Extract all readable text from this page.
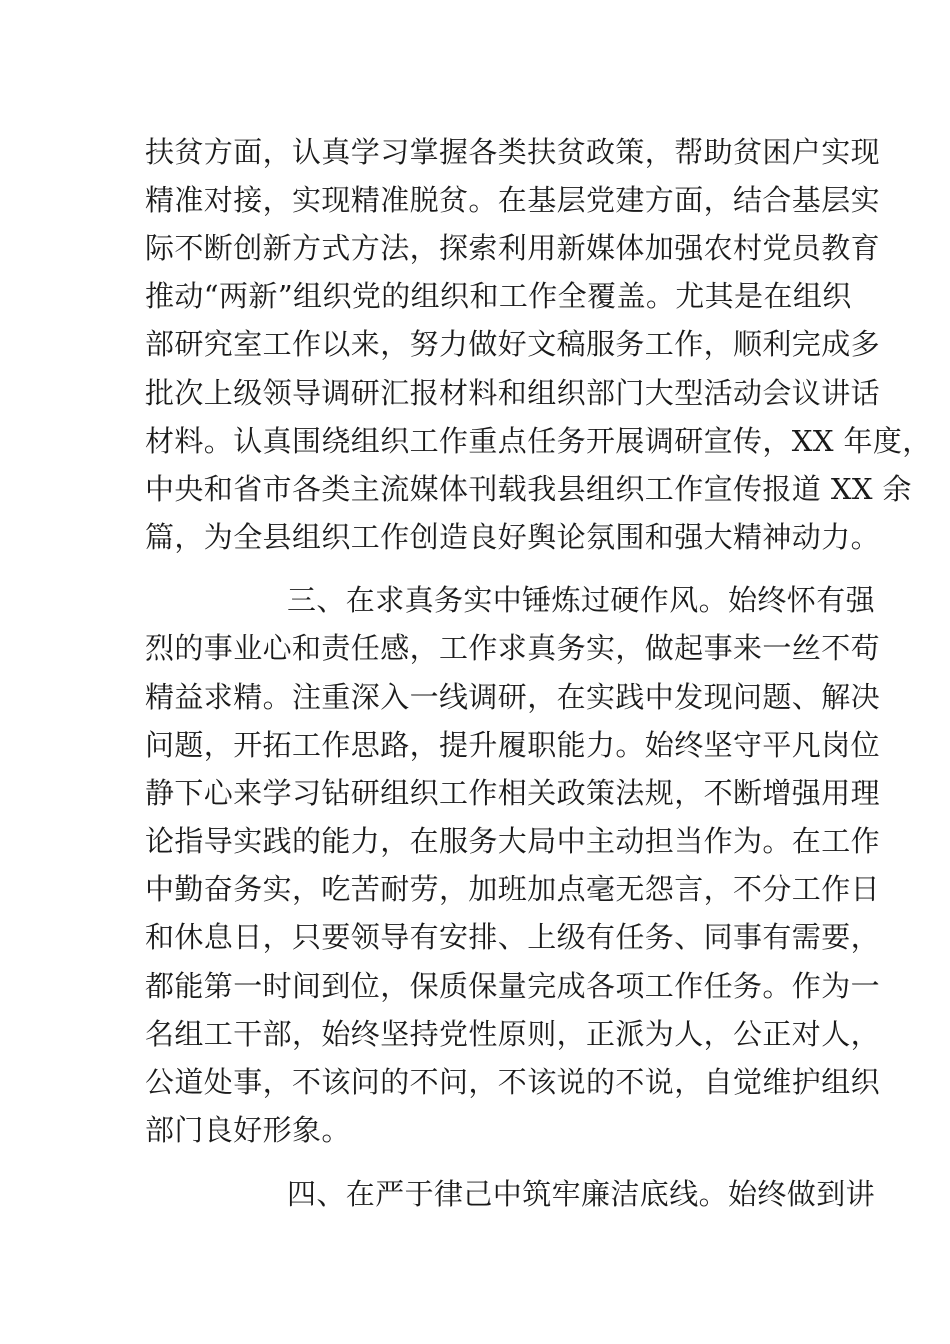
扶贫方面，认真学习掌握各类扶贫政策，帮助贫困户实现
精准对接，实现精准脱贫。在基层党建方面，结合基层实
际不断创新方式方法，探索利用新媒体加强农村党员教育
推动“两新”组织党的组织和工作全覆盖。尤其是在组织
部研究室工作以来，努力做好文稿服务工作，顺利完成多
批次上级领导调研汇报材料和组织部门大型活动会议讲话
材料。认真围绕组织工作重点任务开展调研宣传，XX 年度，
中央和省市各类主流媒体刊载我县组织工作宣传报道 XX 余
篇，为全县组织工作创造良好舆论氛围和强大精神动力。
三、在求真务实中锤炼过硬作风。始终怀有强
烈的事业心和责任感，工作求真务实，做起事来一丝不苟
精益求精。注重深入一线调研，在实践中发现问题、解决
问题，开拓工作思路，提升履职能力。始终坚守平凡岗位
静下心来学习钻研组织工作相关政策法规，不断增强用理
论指导实践的能力，在服务大局中主动担当作为。在工作
中勤奋务实，吃苦耐劳，加班加点毫无怨言，不分工作日
和休息日，只要领导有安排、上级有任务、同事有需要，
都能第一时间到位，保质保量完成各项工作任务。作为一
名组工干部，始终坚持党性原则，正派为人，公正对人，
公道处事，不该问的不问，不该说的不说，自觉维护组织
部门良好形象。
四、在严于律己中筑牢廉洁底线。始终做到讲
